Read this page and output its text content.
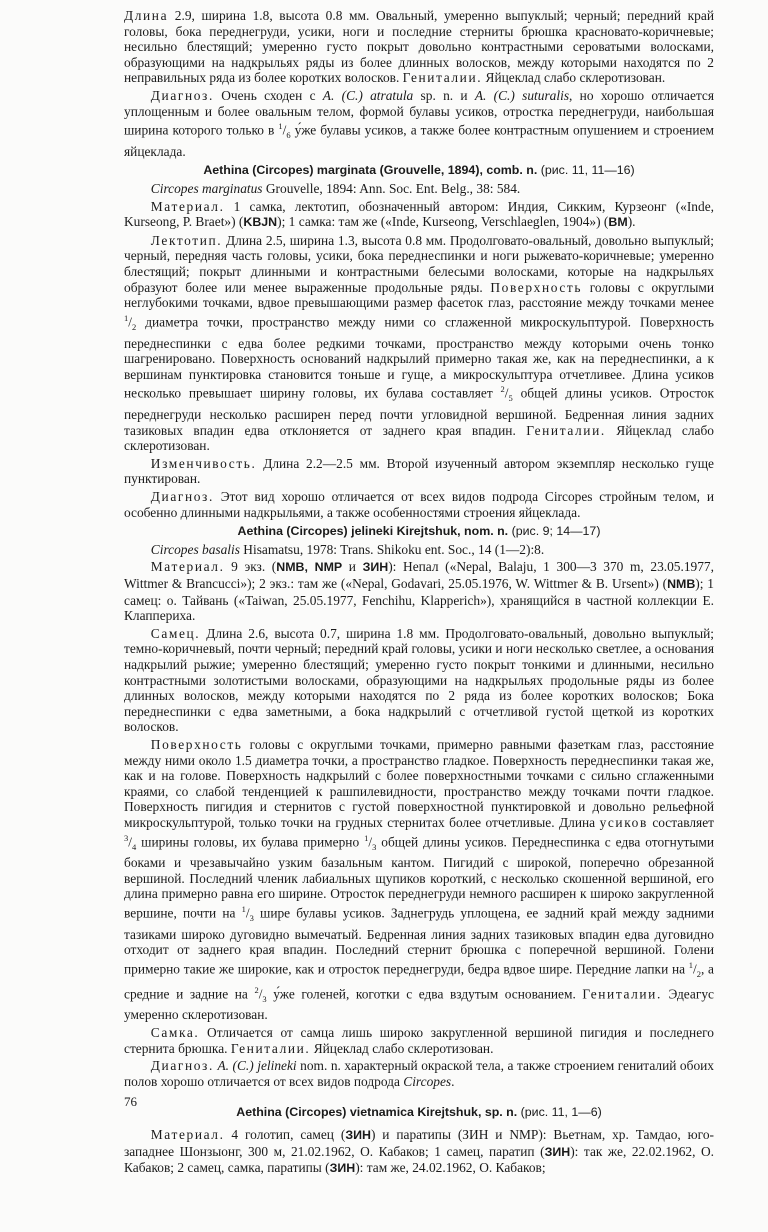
Длина 2.9, ширина 1.8, высота 0.8 мм. Овальный, умеренно выпуклый; черный; передний край головы, бока переднегруди, усики, ноги и последние стерниты брюшка красновато-коричневые; несильно блестящий; умеренно густо покрыт довольно контрастными сероватыми волосками, образующими на надкрыльях ряды из более длинных волосков, между которыми находятся по 2 неправильных ряда из более коротких волосков. Гениталии. Яйцеклад слабо склеротизован.

Диагноз. Очень сходен с A. (C.) atratula sp. n. и A. (C.) suturalis, но хорошо отличается уплощенным и более овальным телом, формой булавы усиков, отростка переднегруди, наибольшая ширина которого только в $^1/_6$ у́же булавы усиков, а также более контрастным опушением и строением яйцеклада.

Aethina (Circopes) marginata (Grouvelle, 1894), comb. n. (рис. 11, 11—16)

Circopes marginatus Grouvelle, 1894: Ann. Soc. Ent. Belg., 38: 584.

Материал. 1 самка, лектотип, обозначенный автором: Индия, Сикким, Курзеонг («Inde, Kurseong, P. Braet») (KBJN); 1 самка: там же («Inde, Kurseong, Verschlaeglen, 1904») (BM).

Лектотип. Длина 2.5, ширина 1.3, высота 0.8 мм. Продолговато-овальный, довольно выпуклый; черный, передняя часть головы, усики, бока переднеспинки и ноги рыжевато-коричневые; умеренно блестящий; покрыт длинными и контрастными белесыми волосками, которые на надкрыльях образуют более или менее выраженные продольные ряды. Поверхность головы с округлыми неглубокими точками, вдвое превышающими размер фасеток глаз, расстояние между точками менее $^1/_2$ диаметра точки, пространство между ними со сглаженной микроскульптурой. Поверхность переднеспинки с едва более редкими точками, пространство между которыми очень тонко шагренировано. Поверхность оснований надкрылий примерно такая же, как на переднеспинки, а к вершинам пунктировка становится тоньше и гуще, а микроскульптура отчетливее. Длина усиков несколько превышает ширину головы, их булава составляет $^2/_5$ общей длины усиков. Отросток переднегруди несколько расширен перед почти угловидной вершиной. Бедренная линия задних тазиковых впадин едва отклоняется от заднего края впадин. Гениталии. Яйцеклад слабо склеротизован.

Изменчивость. Длина 2.2—2.5 мм. Второй изученный автором экземпляр несколько гуще пунктирован.

Диагноз. Этот вид хорошо отличается от всех видов подрода Circopes стройным телом, и особенно длинными надкрыльями, а также особенностями строения яйцеклада.

Aethina (Circopes) jelineki Kirejtshuk, nom. n. (рис. 9; 14—17)

Circopes basalis Hisamatsu, 1978: Trans. Shikoku ent. Soc., 14 (1—2):8.

Материал. 9 экз. (NMB, NMP и ЗИН): Непал («Nepal, Balaju, 1 300—3 370 m, 23.05.1977, Wittmer & Brancucci»); 2 экз.: там же («Nepal, Godavari, 25.05.1976, W. Wittmer & B. Ursent») (NMB); 1 самец: о. Тайвань («Taiwan, 25.05.1977, Fenchihu, Klapperich»), хранящийся в частной коллекции Е. Клаппериха.

Самец. Длина 2.6, высота 0.7, ширина 1.8 мм. Продолговато-овальный, довольно выпуклый; темно-коричневый, почти черный; передний край головы, усики и ноги несколько светлее, а основания надкрылий рыжие; умеренно блестящий; умеренно густо покрыт тонкими и длинными, несильно контрастными золотистыми волосками, образующими на надкрыльях продольные ряды из более длинных волосков, между которыми находятся по 2 ряда из более коротких волосков; Бока переднеспинки с едва заметными, а бока надкрылий с отчетливой густой щеткой из коротких волосков.

Поверхность головы с округлыми точками, примерно равными фазеткам глаз, расстояние между ними около 1.5 диаметра точки, а пространство гладкое. Поверхность переднеспинки такая же, как и на голове. Поверхность надкрылий с более поверхностными точками с сильно сглаженными краями, со слабой тенденцией к рашпилевидности, пространство между точками почти гладкое. Поверхность пигидия и стернитов с густой поверхностной пунктировкой и довольно рельефной микроскульптурой, только точки на грудных стернитах более отчетливые. Длина усиков составляет $^3/_4$ ширины головы, их булава примерно $^1/_3$ общей длины усиков. Переднеспинка с едва отогнутыми боками и чрезавычайно узким базальным кантом. Пигидий с широкой, поперечно обрезанной вершиной. Последний членик лабиальных щупиков короткий, с несколько скошенной вершиной, его длина примерно равна его ширине. Отросток переднегруди немного расширен к широко закругленной вершине, почти на $^1/_3$ шире булавы усиков. Заднегрудь уплощена, ее задний край между задними тазиками широко дуговидно вымечатый. Бедренная линия задних тазиковых впадин едва дуговидно отходит от заднего края впадин. Последний стернит брюшка с поперечной вершиной. Голени примерно такие же широкие, как и отросток переднегруди, бедра вдвое шире. Передние лапки на $^1/_2$, а средние и задние на $^2/_3$ у́же голеней, коготки с едва вздутым основанием. Гениталии. Эдеагус умеренно склеротизован.

Самка. Отличается от самца лишь широко закругленной вершиной пигидия и последнего стернита брюшка. Гениталии. Яйцеклад слабо склеротизован.

Диагноз. A. (C.) jelineki nom. n. характерный окраской тела, а также строением гениталий обоих полов хорошо отличается от всех видов подрода Circopes.

Aethina (Circopes) vietnamica Kirejtshuk, sp. n. (рис. 11, 1—6)

Материал. 4 голотип, самец (ЗИН) и паратипы (ЗИН и NMP): Вьетнам, хр. Тамдао, юго-западнее Шонзыонг, 300 м, 21.02.1962, О. Кабаков; 1 самец, паратип (ЗИН): так же, 22.02.1962, О. Кабаков; 2 самец, самка, паратипы (ЗИН): там же, 24.02.1962, О. Кабаков;

76
